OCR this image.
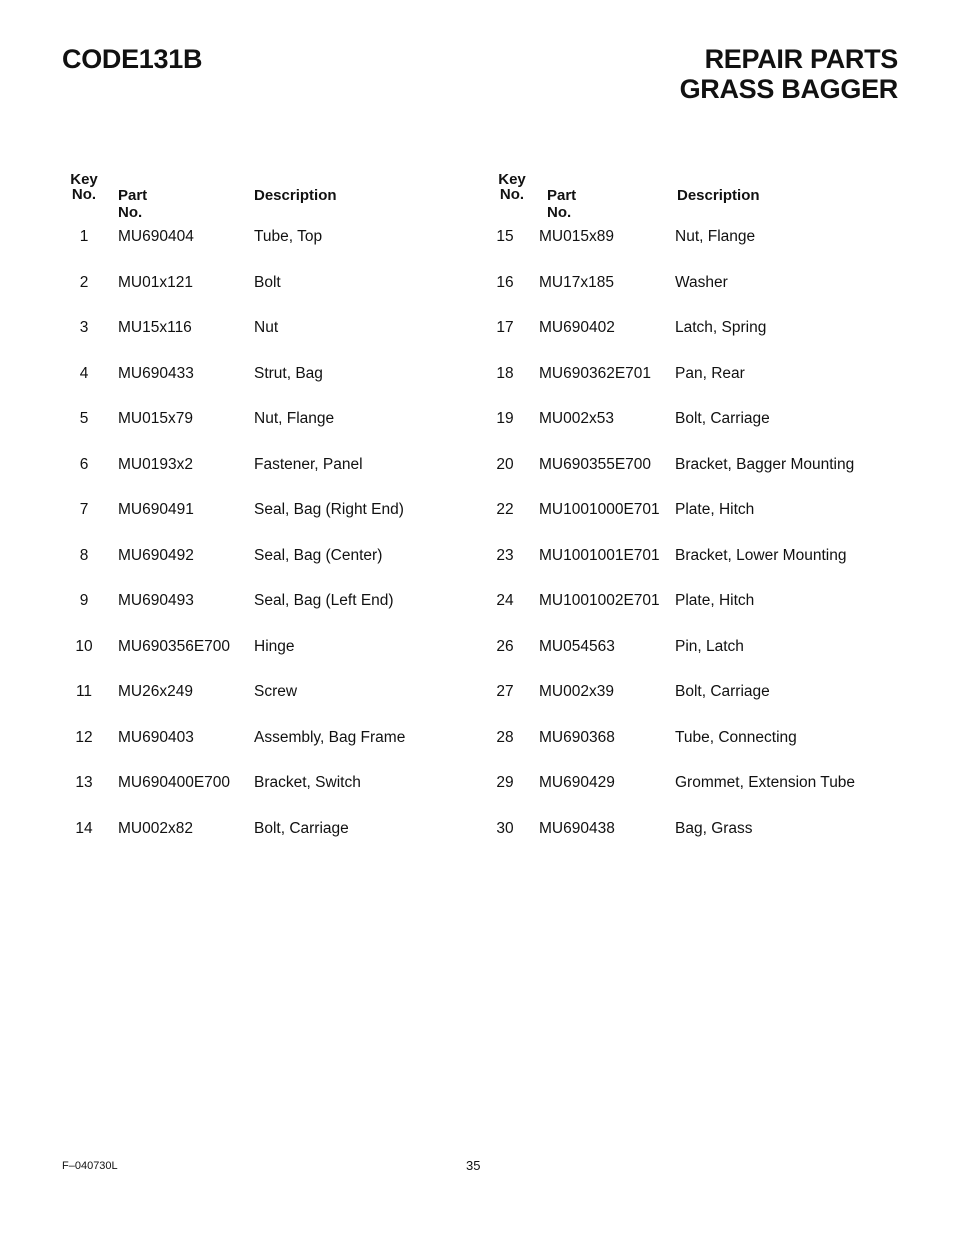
CODE131B	REPAIR PARTS
GRASS BAGGER
Key
No.	Part No.
Description
1	MU690404	Tube, Top
2	MU01x121	Bolt
3	MU15x116	Nut
4	MU690433	Strut, Bag
5	MU015x79	Nut, Flange
6	MU0193x2	Fastener, Panel
7	MU690491	Seal, Bag (Right End)
8	MU690492	Seal, Bag (Center)
9	MU690493	Seal, Bag (Left End)
10	MU690356E700 Hinge
11	MU26x249	Screw
12	MU690403	Assembly, Bag Frame
13	MU690400E700 Bracket, Switch
14	MU002x82	Bolt, Carriage
Key
No.	Part No.
Description
15	MU015x89	Nut, Flange
16	MU17x185	Washer
17	MU690402	Latch, Spring
18	MU690362E701 Pan, Rear
19	MU002x53	Bolt, Carriage
20	MU690355E700 Bracket, Bagger Mounting
22	MU1001000E701 Plate, Hitch
23	MU1001001E701 Bracket, Lower Mounting
24	MU1001002E701 Plate, Hitch
26	MU054563	Pin, Latch
27	MU002x39	Bolt, Carriage
28	MU690368	Tube, Connecting
29	MU690429	Grommet, Extension Tube
30	MU690438	Bag, Grass
F–040730L	35
